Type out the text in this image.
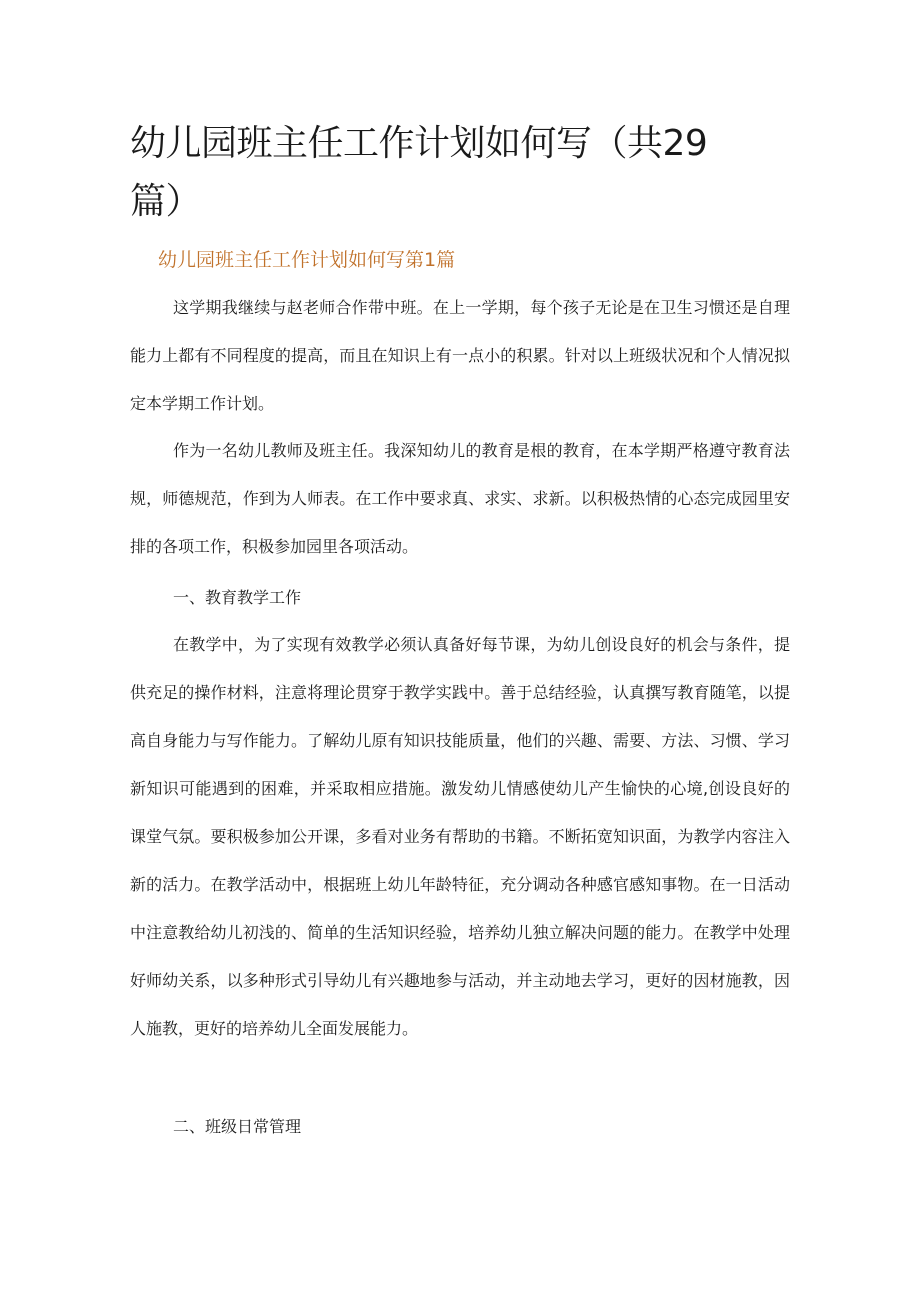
幼儿园班主任工作计划如何写（共29篇）
幼儿园班主任工作计划如何写第1篇

这学期我继续与赵老师合作带中班。在上一学期，每个孩子无论是在卫生习惯还是自理能力上都有不同程度的提高，而且在知识上有一点小的积累。针对以上班级状况和个人情况拟定本学期工作计划。

作为一名幼儿教师及班主任。我深知幼儿的教育是根的教育，在本学期严格遵守教育法规，师德规范，作到为人师表。在工作中要求真、求实、求新。以积极热情的心态完成园里安排的各项工作，积极参加园里各项活动。

一、教育教学工作

在教学中，为了实现有效教学必须认真备好每节课，为幼儿创设良好的机会与条件，提供充足的操作材料，注意将理论贯穿于教学实践中。善于总结经验，认真撰写教育随笔，以提高自身能力与写作能力。了解幼儿原有知识技能质量，他们的兴趣、需要、方法、习惯、学习新知识可能遇到的困难，并采取相应措施。激发幼儿情感使幼儿产生愉快的心境,创设良好的课堂气氛。要积极参加公开课，多看对业务有帮助的书籍。不断拓宽知识面，为教学内容注入新的活力。在教学活动中，根据班上幼儿年龄特征，充分调动各种感官感知事物。在一日活动中注意教给幼儿初浅的、简单的生活知识经验，培养幼儿独立解决问题的能力。在教学中处理好师幼关系，以多种形式引导幼儿有兴趣地参与活动，并主动地去学习，更好的因材施教，因人施教，更好的培养幼儿全面发展能力。

二、班级日常管理
